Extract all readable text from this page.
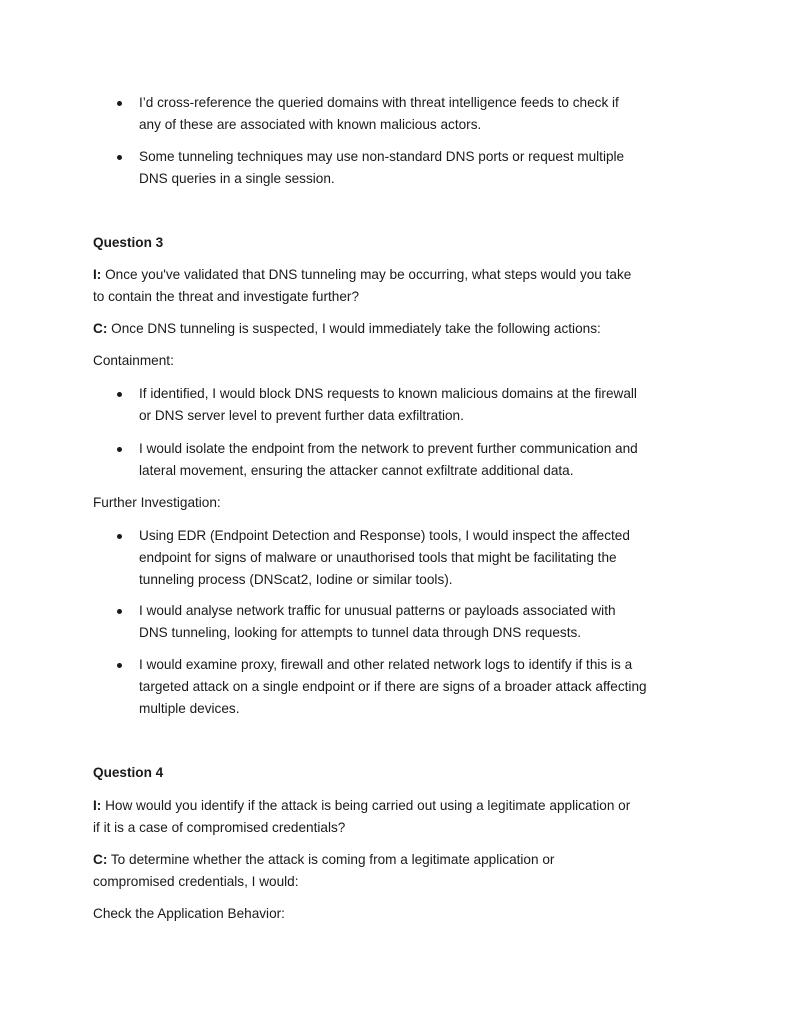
I’d cross-reference the queried domains with threat intelligence feeds to check if
any of these are associated with known malicious actors.
Some tunneling techniques may use non-standard DNS ports or request multiple
DNS queries in a single session.
Question 3
I: Once you've validated that DNS tunneling may be occurring, what steps would you take
to contain the threat and investigate further?
C: Once DNS tunneling is suspected, I would immediately take the following actions:
Containment:
If identified, I would block DNS requests to known malicious domains at the firewall
or DNS server level to prevent further data exfiltration.
I would isolate the endpoint from the network to prevent further communication and
lateral movement, ensuring the attacker cannot exfiltrate additional data.
Further Investigation:
Using EDR (Endpoint Detection and Response) tools, I would inspect the affected
endpoint for signs of malware or unauthorised tools that might be facilitating the
tunneling process (DNScat2, Iodine or similar tools).
I would analyse network traffic for unusual patterns or payloads associated with
DNS tunneling, looking for attempts to tunnel data through DNS requests.
I would examine proxy, firewall and other related network logs to identify if this is a
targeted attack on a single endpoint or if there are signs of a broader attack affecting
multiple devices.
Question 4
I: How would you identify if the attack is being carried out using a legitimate application or
if it is a case of compromised credentials?
C: To determine whether the attack is coming from a legitimate application or
compromised credentials, I would:
Check the Application Behavior:
